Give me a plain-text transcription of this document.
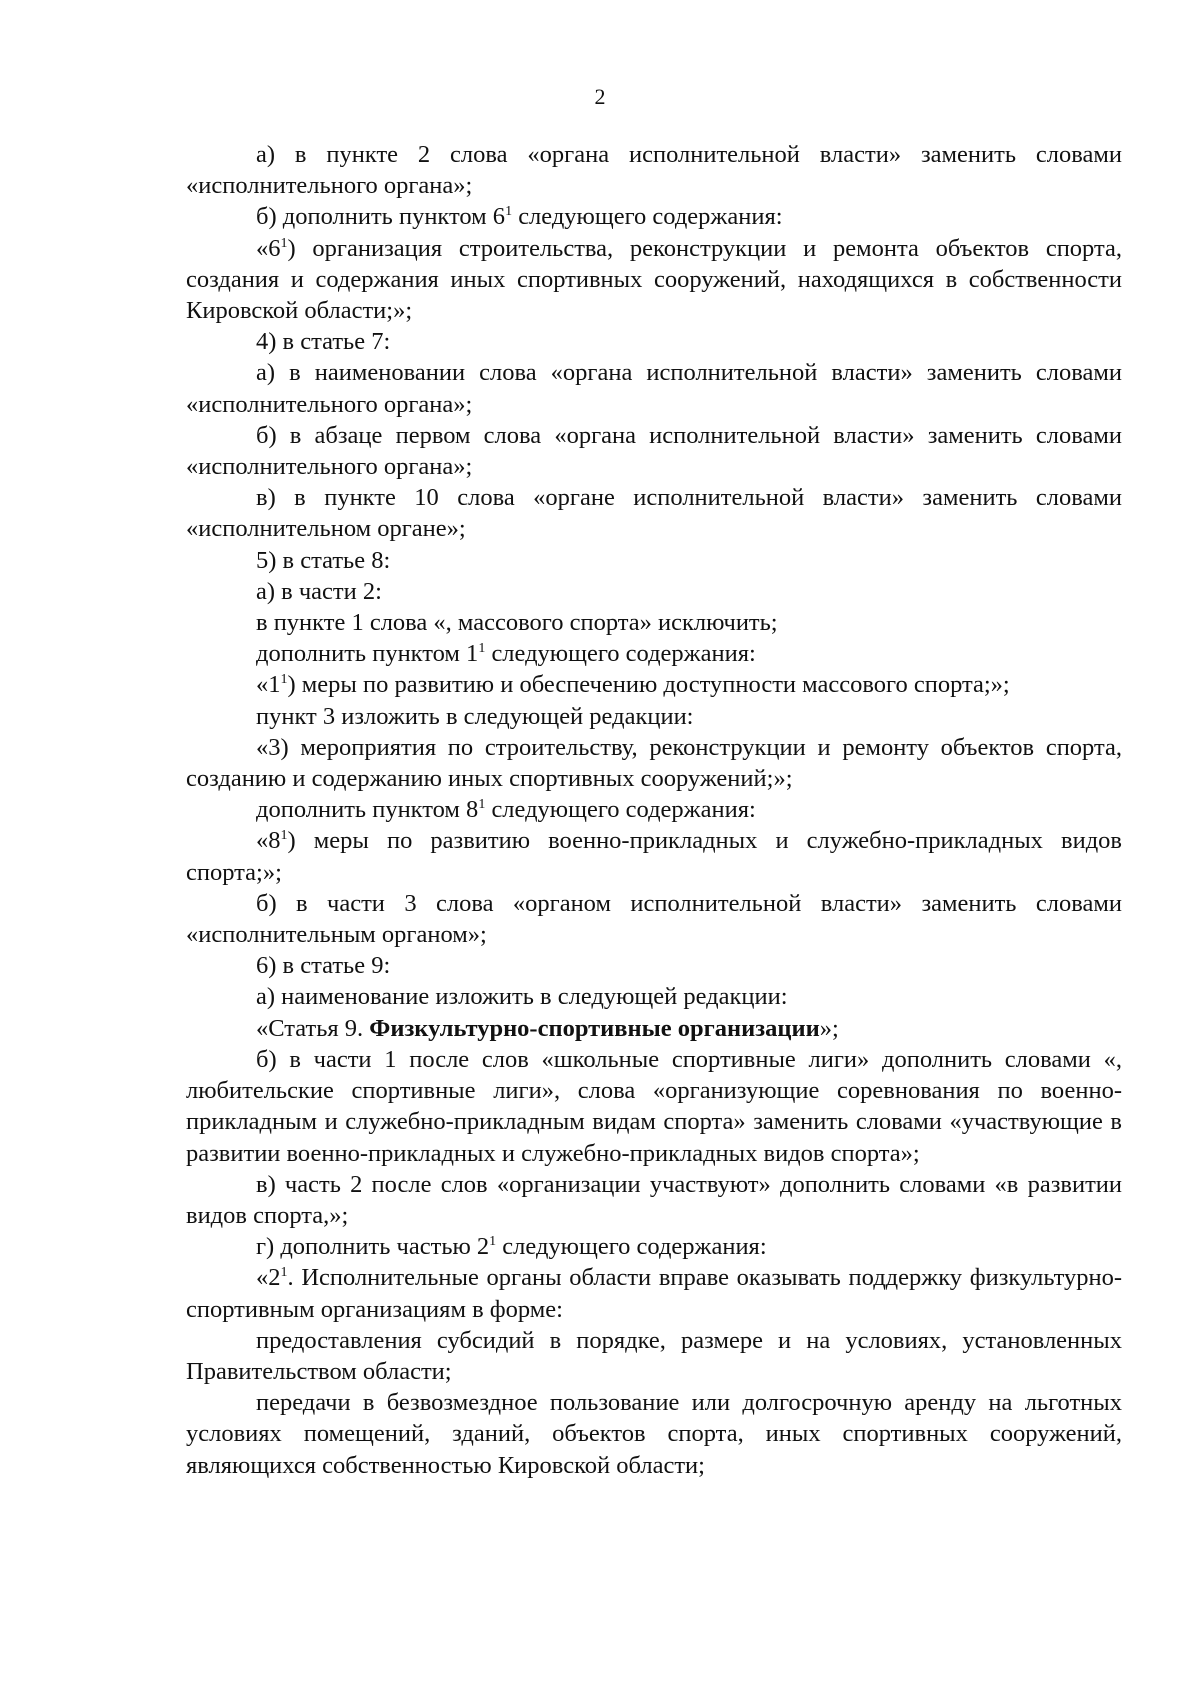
2

а) в пункте 2 слова «органа исполнительной власти» заменить словами «исполнительного органа»;

б) дополнить пунктом $6^1$ следующего содержания:

«$6^1$) организация строительства, реконструкции и ремонта объектов спорта, создания и содержания иных спортивных сооружений, находящихся в собственности Кировской области;»;

4) в статье 7:

а) в наименовании слова «органа исполнительной власти» заменить словами «исполнительного органа»;

б) в абзаце первом слова «органа исполнительной власти» заменить словами «исполнительного органа»;

в) в пункте 10 слова «органе исполнительной власти» заменить словами «исполнительном органе»;

5) в статье 8:

а) в части 2:

в пункте 1 слова «, массового спорта» исключить;

дополнить пунктом $1^1$ следующего содержания:

«$1^1$) меры по развитию и обеспечению доступности массового спорта;»;

пункт 3 изложить в следующей редакции:

«3) мероприятия по строительству, реконструкции и ремонту объектов спорта, созданию и содержанию иных спортивных сооружений;»;

дополнить пунктом $8^1$ следующего содержания:

«$8^1$) меры по развитию военно-прикладных и служебно-прикладных видов спорта;»;

б) в части 3 слова «органом исполнительной власти» заменить словами «исполнительным органом»;

6) в статье 9:

а) наименование изложить в следующей редакции:

«Статья 9. Физкультурно-спортивные организации»;

б) в части 1 после слов «школьные спортивные лиги» дополнить словами «, любительские спортивные лиги», слова «организующие соревнования по военно-прикладным и служебно-прикладным видам спорта» заменить словами «участвующие в развитии военно-прикладных и служебно-прикладных видов спорта»;

в) часть 2 после слов «организации участвуют» дополнить словами «в развитии видов спорта,»;

г) дополнить частью $2^1$ следующего содержания:

«$2^1$. Исполнительные органы области вправе оказывать поддержку физкультурно-спортивным организациям в форме:

предоставления субсидий в порядке, размере и на условиях, установленных Правительством области;

передачи в безвозмездное пользование или долгосрочную аренду на льготных условиях помещений, зданий, объектов спорта, иных спортивных сооружений, являющихся собственностью Кировской области;
